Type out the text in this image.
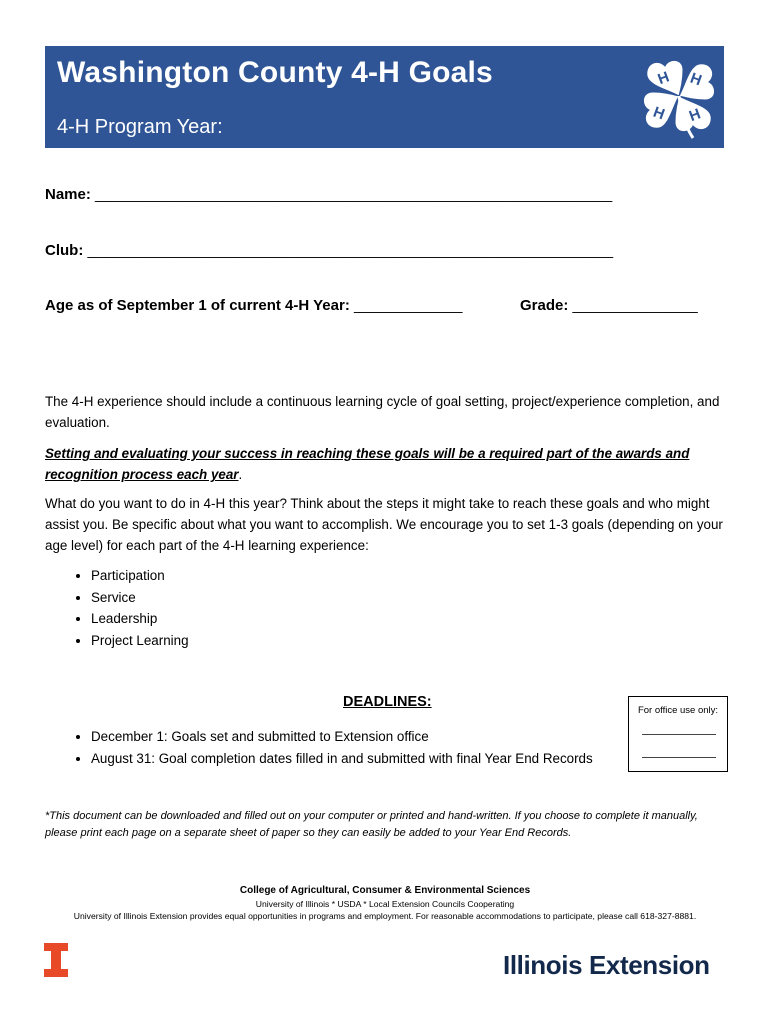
Washington County 4-H Goals
4-H Program Year:
H H
H
H
Name: ______________________________________________________________
Club: _______________________________________________________________
Age as of September 1 of current 4-H Year: _____________	Grade: _______________

The 4-H experience should include a continuous learning cycle of goal setting, project/experience completion, and evaluation.

Setting and evaluating your success in reaching these goals will be a required part of the awards and recognition process each year.

What do you want to do in 4-H this year? Think about the steps it might take to reach these goals and who might assist you. Be specific about what you want to accomplish. We encourage you to set 1-3 goals (depending on your age level) for each part of the 4-H learning experience:

• Participation
• Service
• Leadership
• Project Learning
DEADLINES:
• December 1: Goals set and submitted to Extension office
• August 31: Goal completion dates filled in and submitted with final Year End Records
For office use only:

*This document can be downloaded and filled out on your computer or printed and hand-written. If you choose to complete it manually, please print each page on a separate sheet of paper so they can easily be added to your Year End Records.

College of Agricultural, Consumer & Environmental Sciences
University of Illinois * USDA * Local Extension Councils Cooperating
University of Illinois Extension provides equal opportunities in programs and employment. For reasonable accommodations to participate, please call 618-327-8881.
Illinois Extension
